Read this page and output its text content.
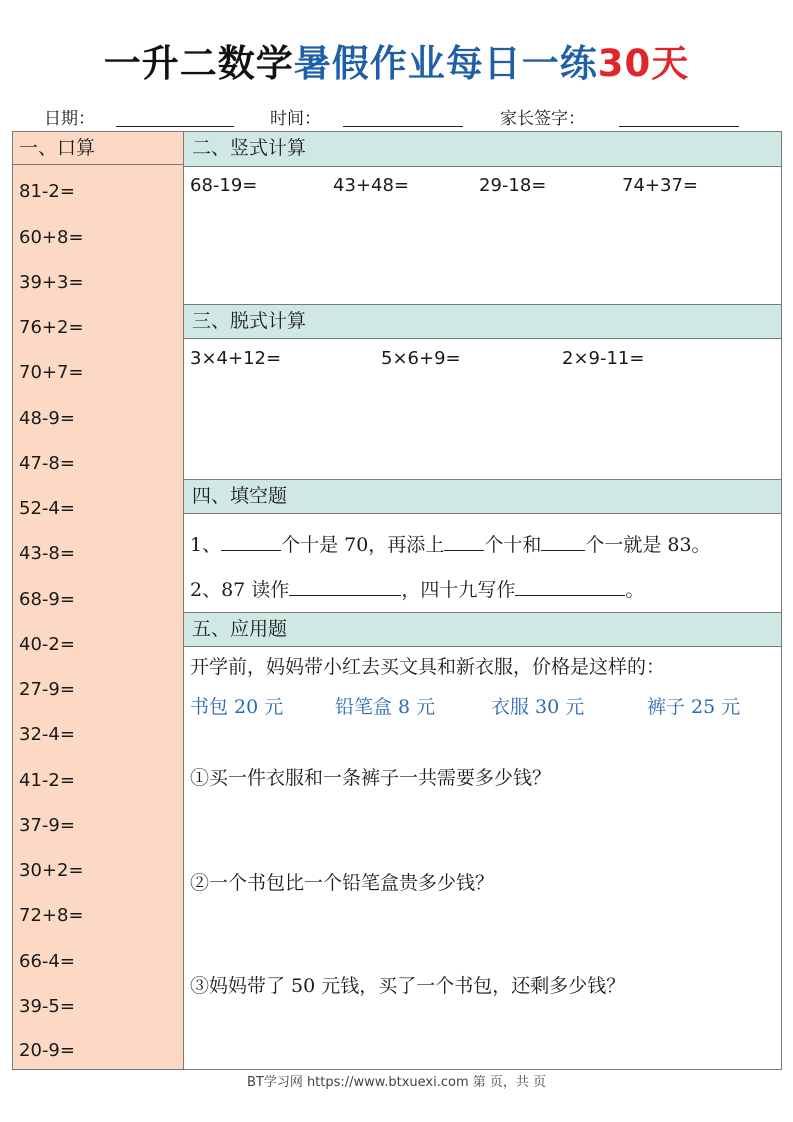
一升二数学暑假作业每日一练30天
日期：	时间：	家长签字：
一、口算
81-2=
60+8=
39+3=
76+2=
70+7=
48-9=
47-8=
52-4=
43-8=
68-9=
40-2=
27-9=
32-4=
41-2=
37-9=
30+2=
72+8=
66-4=
39-5=
20-9=
二、竖式计算
68-19=	43+48=	29-18=	74+37=
三、脱式计算
3×4+12=	5×6+9=	2×9-11=
四、填空题
1、	个十是 70，再添上 个十和 个一就是 83。
2、87 读作	，四十九写作	。
五、应用题
开学前，妈妈带小红去买文具和新衣服，价格是这样的：
书包 20 元	铅笔盒 8 元	衣服 30 元	裤子 25 元
①买一件衣服和一条裤子一共需要多少钱？
②一个书包比一个铅笔盒贵多少钱？
③妈妈带了 50 元钱，买了一个书包，还剩多少钱？
BT学习网 https://www.btxuexi.com 第 页，共 页
